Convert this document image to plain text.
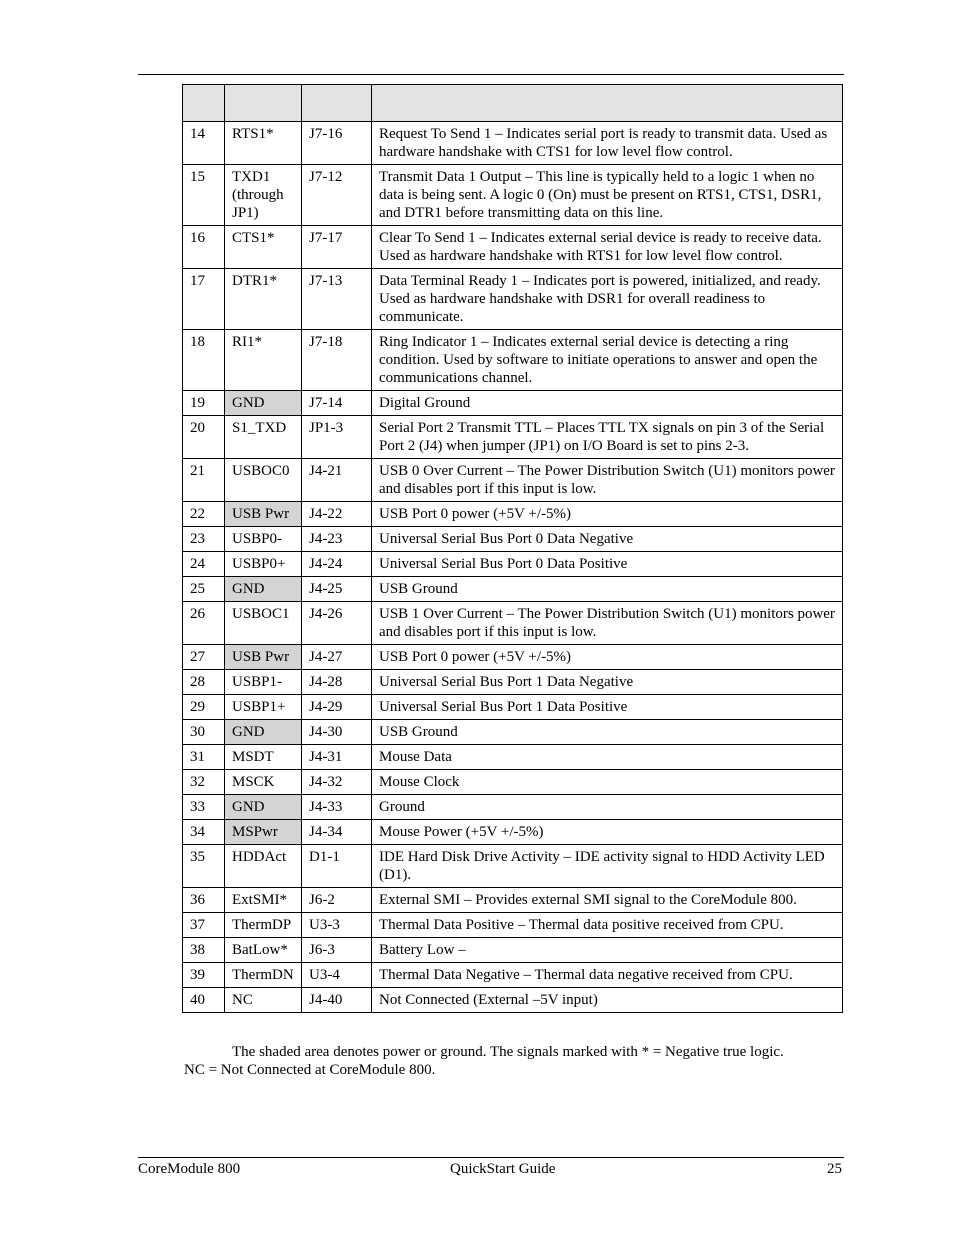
14	RTS1*	J7-16	Request To Send 1 – Indicates serial port is ready to transmit data. Used as hardware handshake with CTS1 for low level flow control.
15	TXD1 (through JP1)	J7-12	Transmit Data 1 Output – This line is typically held to a logic 1 when no data is being sent. A logic 0 (On) must be present on RTS1, CTS1, DSR1, and DTR1 before transmitting data on this line.
16	CTS1*	J7-17	Clear To Send 1 – Indicates external serial device is ready to receive data. Used as hardware handshake with RTS1 for low level flow control.
17	DTR1*	J7-13	Data Terminal Ready 1 – Indicates port is powered, initialized, and ready. Used as hardware handshake with DSR1 for overall readiness to communicate.
18	RI1*	J7-18	Ring Indicator 1 – Indicates external serial device is detecting a ring condition. Used by software to initiate operations to answer and open the communications channel.
19	GND	J7-14	Digital Ground
20	S1_TXD	JP1-3	Serial Port 2 Transmit TTL – Places TTL TX signals on pin 3 of the Serial Port 2 (J4) when jumper (JP1) on I/O Board is set to pins 2-3.
21	USBOC0	J4-21	USB 0 Over Current – The Power Distribution Switch (U1) monitors power and disables port if this input is low.
22	USB Pwr	J4-22	USB Port 0 power (+5V +/-5%)
23	USBP0-	J4-23	Universal Serial Bus Port 0 Data Negative
24	USBP0+	J4-24	Universal Serial Bus Port 0 Data Positive
25	GND	J4-25	USB Ground
26	USBOC1	J4-26	USB 1 Over Current – The Power Distribution Switch (U1) monitors power and disables port if this input is low.
27	USB Pwr	J4-27	USB Port 0 power (+5V +/-5%)
28	USBP1-	J4-28	Universal Serial Bus Port 1 Data Negative
29	USBP1+	J4-29	Universal Serial Bus Port 1 Data Positive
30	GND	J4-30	USB Ground
31	MSDT	J4-31	Mouse Data
32	MSCK	J4-32	Mouse Clock
33	GND	J4-33	Ground
34	MSPwr	J4-34	Mouse Power (+5V +/-5%)
35	HDDAct	D1-1	IDE Hard Disk Drive Activity – IDE activity signal to HDD Activity LED (D1).
36	ExtSMI*	J6-2	External SMI – Provides external SMI signal to the CoreModule 800.
37	ThermDP	U3-3	Thermal Data Positive – Thermal data positive received from CPU.
38	BatLow*	J6-3	Battery Low –
39	ThermDN	U3-4	Thermal Data Negative – Thermal data negative received from CPU.
40	NC	J4-40	Not Connected (External –5V input)
The shaded area denotes power or ground. The signals marked with * = Negative true logic.
NC = Not Connected at CoreModule 800.
CoreModule 800	QuickStart Guide	25
